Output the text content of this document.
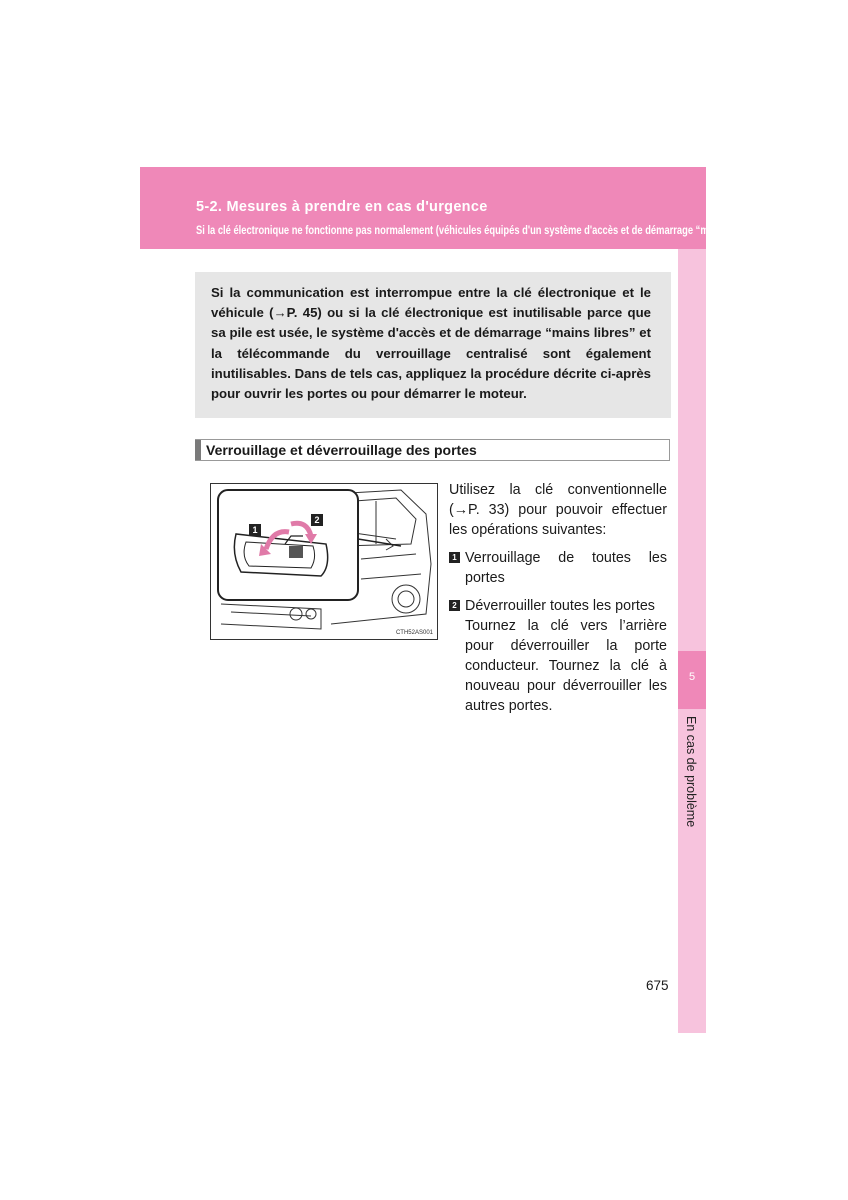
5-2. Mesures à prendre en cas d'urgence
Si la clé électronique ne fonctionne pas normalement (véhicules équipés d'un système d'accès et de démarrage “mains libres”)
5
En cas de problème

Si la communication est interrompue entre la clé électronique et le véhicule (→P. 45) ou si la clé électronique est inutilisable parce que sa pile est usée, le système d'accès et de démarrage “mains libres” et la télécommande du verrouillage centralisé sont également inutilisables. Dans de tels cas, appliquez la procédure décrite ci-après pour ouvrir les portes ou pour démarrer le moteur.

Verrouillage et déverrouillage des portes
1
2
CTH52AS001

Utilisez la clé conventionnelle (→P. 33) pour pouvoir effectuer les opérations suivantes:

1 Verrouillage de toutes les portes
2 Déverrouiller toutes les portes
Tournez la clé vers l’arrière pour déverrouiller la porte conducteur. Tournez la clé à nouveau pour déverrouiller les autres portes.
675
